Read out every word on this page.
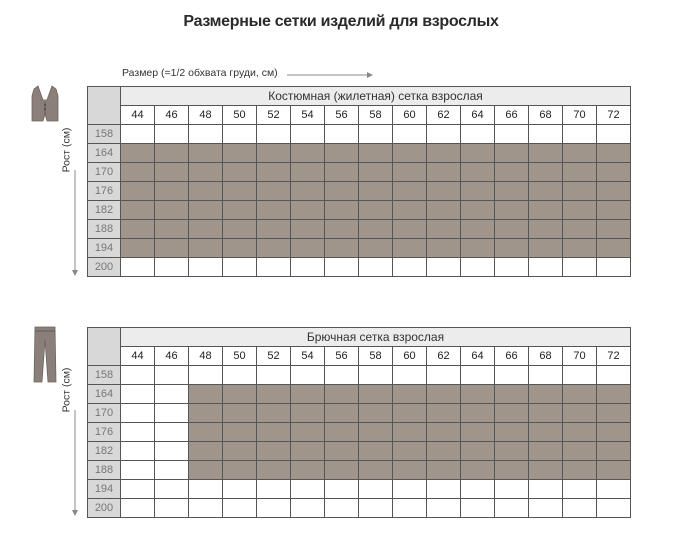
Размерные сетки изделий для взрослых
Размер (=1/2 обхвата груди, см)
Рост (см)
Рост (см)
	Костюмная (жилетная) сетка взрослая														
	44	46	48	50	52	54	56	58	60	62	64	66	68	70	72
158															
164															
170															
176															
182															
188															
194															
200															
	Брючная сетка взрослая														
	44	46	48	50	52	54	56	58	60	62	64	66	68	70	72
158															
164															
170															
176															
182															
188															
194															
200															
